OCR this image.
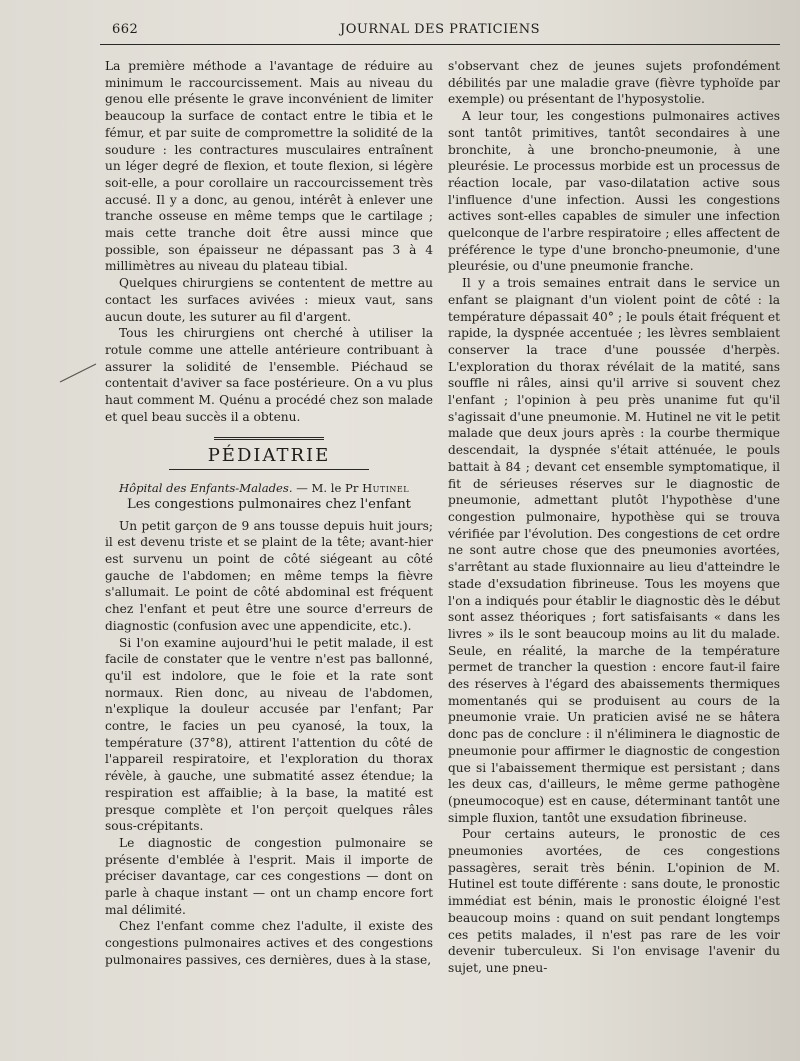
662	JOURNAL DES PRATICIENS

La première méthode a l'avantage de réduire au minimum le raccourcissement. Mais au niveau du genou elle présente le grave inconvénient de limiter beaucoup la surface de contact entre le tibia et le fémur, et par suite de compromettre la solidité de la soudure : les contractures musculaires entraînent un léger degré de flexion, et toute flexion, si légère soit-elle, a pour corollaire un raccourcissement très accusé. Il y a donc, au genou, intérêt à enlever une tranche osseuse en même temps que le cartilage ; mais cette tranche doit être aussi mince que possible, son épaisseur ne dépassant pas 3 à 4 millimètres au niveau du plateau tibial.

Quelques chirurgiens se contentent de mettre au contact les surfaces avivées : mieux vaut, sans aucun doute, les suturer au fil d'argent.

Tous les chirurgiens ont cherché à utiliser la rotule comme une attelle antérieure contribuant à assurer la solidité de l'ensemble. Piéchaud se contentait d'aviver sa face postérieure. On a vu plus haut comment M. Quénu a procédé chez son malade et quel beau succès il a obtenu.

PÉDIATRIE

Hôpital des Enfants-Malades. — M. le Pr Hutinel

Les congestions pulmonaires chez l'enfant

Un petit garçon de 9 ans tousse depuis huit jours; il est devenu triste et se plaint de la tête; avant-hier est survenu un point de côté siégeant au côté gauche de l'abdomen; en même temps la fièvre s'allumait. Le point de côté abdominal est fréquent chez l'enfant et peut être une source d'erreurs de diagnostic (confusion avec une appendicite, etc.).

Si l'on examine aujourd'hui le petit malade, il est facile de constater que le ventre n'est pas ballonné, qu'il est indolore, que le foie et la rate sont normaux. Rien donc, au niveau de l'abdomen, n'explique la douleur accusée par l'enfant; Par contre, le facies un peu cyanosé, la toux, la température (37°8), attirent l'attention du côté de l'appareil respiratoire, et l'exploration du thorax révèle, à gauche, une submatité assez étendue; la respiration est affaiblie; à la base, la matité est presque complète et l'on perçoit quelques râles sous-crépitants.

Le diagnostic de congestion pulmonaire se présente d'emblée à l'esprit. Mais il importe de préciser davantage, car ces congestions — dont on parle à chaque instant — ont un champ encore fort mal délimité.

Chez l'enfant comme chez l'adulte, il existe des congestions pulmonaires actives et des congestions pulmonaires passives, ces dernières, dues à la stase,

s'observant chez de jeunes sujets profondément débilités par une maladie grave (fièvre typhoïde par exemple) ou présentant de l'hyposystolie.

A leur tour, les congestions pulmonaires actives sont tantôt primitives, tantôt secondaires à une bronchite, à une broncho-pneumonie, à une pleurésie. Le processus morbide est un processus de réaction locale, par vaso-dilatation active sous l'influence d'une infection. Aussi les congestions actives sont-elles capables de simuler une infection quelconque de l'arbre respiratoire ; elles affectent de préférence le type d'une broncho-pneumonie, d'une pleurésie, ou d'une pneumonie franche.

Il y a trois semaines entrait dans le service un enfant se plaignant d'un violent point de côté : la température dépassait 40° ; le pouls était fréquent et rapide, la dyspnée accentuée ; les lèvres semblaient conserver la trace d'une poussée d'herpès. L'exploration du thorax révélait de la matité, sans souffle ni râles, ainsi qu'il arrive si souvent chez l'enfant ; l'opinion à peu près unanime fut qu'il s'agissait d'une pneumonie. M. Hutinel ne vit le petit malade que deux jours après : la courbe thermique descendait, la dyspnée s'était atténuée, le pouls battait à 84 ; devant cet ensemble symptomatique, il fit de sérieuses réserves sur le diagnostic de pneumonie, admettant plutôt l'hypothèse d'une congestion pulmonaire, hypothèse qui se trouva vérifiée par l'évolution. Des congestions de cet ordre ne sont autre chose que des pneumonies avortées, s'arrêtant au stade fluxionnaire au lieu d'atteindre le stade d'exsudation fibrineuse. Tous les moyens que l'on a indiqués pour établir le diagnostic dès le début sont assez théoriques ; fort satisfaisants « dans les livres » ils le sont beaucoup moins au lit du malade. Seule, en réalité, la marche de la température permet de trancher la question : encore faut-il faire des réserves à l'égard des abaissements thermiques momentanés qui se produisent au cours de la pneumonie vraie. Un praticien avisé ne se hâtera donc pas de conclure : il n'éliminera le diagnostic de pneumonie pour affirmer le diagnostic de congestion que si l'abaissement thermique est persistant ; dans les deux cas, d'ailleurs, le même germe pathogène (pneumocoque) est en cause, déterminant tantôt une simple fluxion, tantôt une exsudation fibrineuse.

Pour certains auteurs, le pronostic de ces pneumonies avortées, de ces congestions passagères, serait très bénin. L'opinion de M. Hutinel est toute différente : sans doute, le pronostic immédiat est bénin, mais le pronostic éloigné l'est beaucoup moins : quand on suit pendant longtemps ces petits malades, il n'est pas rare de les voir devenir tuberculeux. Si l'on envisage l'avenir du sujet, une pneu-
